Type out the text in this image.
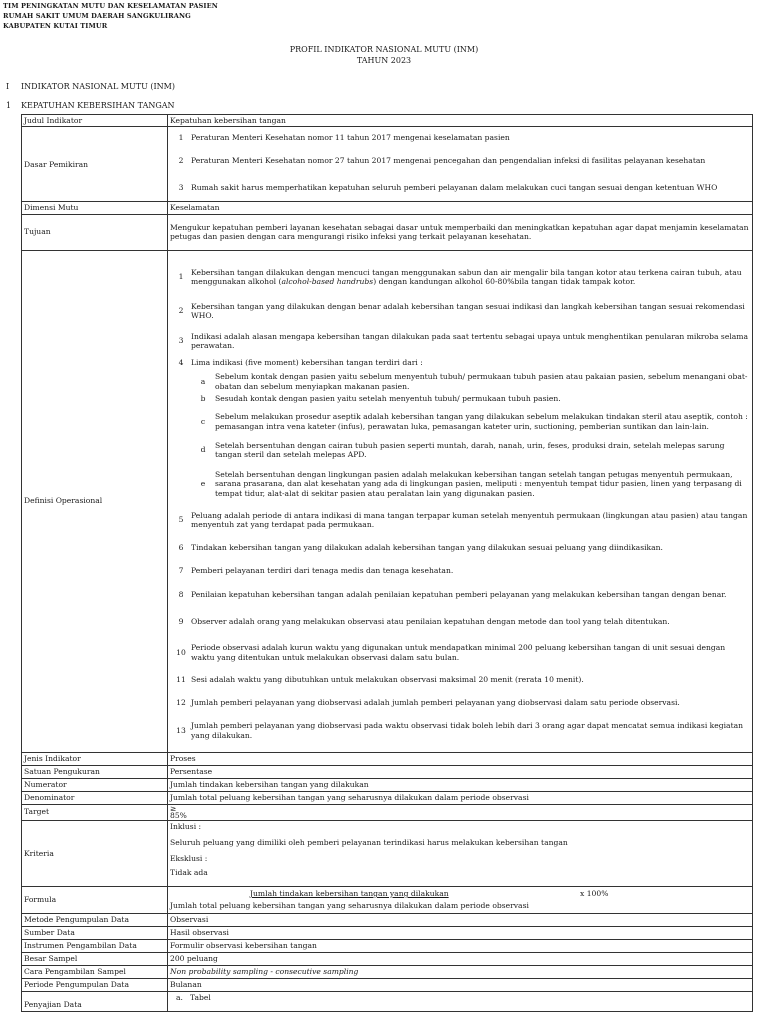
TIM PENINGKATAN MUTU DAN KESELAMATAN PASIEN
RUMAH SAKIT UMUM DAERAH SANGKULIRANG
KABUPATEN KUTAI TIMUR
PROFIL INDIKATOR NASIONAL MUTU (INM)
TAHUN 2023
I INDIKATOR NASIONAL MUTU (INM)
1 KEPATUHAN KEBERSIHAN TANGAN
Judul Indikator	Kepatuhan kebersihan tangan
Dasar Pemikiran	
1	Peraturan Menteri Kesehatan nomor 11 tahun 2017 mengenai keselamatan pasien
2	Peraturan Menteri Kesehatan nomor 27 tahun 2017 mengenai pencegahan dan pengendalian infeksi di fasilitas pelayanan kesehatan
3	Rumah sakit harus memperhatikan kepatuhan seluruh pemberi pelayanan dalam melakukan cuci tangan sesuai dengan ketentuan WHO

Dimensi Mutu	Keselamatan
Tujuan	Mengukur kepatuhan pemberi layanan kesehatan sebagai dasar untuk memperbaiki dan meningkatkan kepatuhan agar dapat menjamin keselamatan petugas dan pasien dengan cara mengurangi risiko infeksi yang terkait pelayanan kesehatan.
Definisi Operasional	
1	Kebersihan tangan dilakukan dengan mencuci tangan menggunakan sabun dan air mengalir bila tangan kotor atau terkena cairan tubuh, atau menggunakan alkohol (alcohol-based handrubs) dengan kandungan alkohol 60-80%bila tangan tidak tampak kotor.
2	Kebersihan tangan yang dilakukan dengan benar adalah kebersihan tangan sesuai indikasi dan langkah kebersihan tangan sesuai rekomendasi WHO.
3	Indikasi adalah alasan mengapa kebersihan tangan dilakukan pada saat tertentu sebagai upaya untuk menghentikan penularan mikroba selama perawatan.
4	Lima indikasi (five moment) kebersihan tangan terdiri dari :

a	Sebelum kontak dengan pasien yaitu sebelum menyentuh tubuh/ permukaan tubuh pasien atau pakaian pasien, sebelum menangani obat-obatan dan sebelum menyiapkan makanan pasien.
b	Sesudah kontak dengan pasien yaitu setelah menyentuh tubuh/ permukaan tubuh pasien.
c	Sebelum melakukan prosedur aseptik adalah kebersihan tangan yang dilakukan sebelum melakukan tindakan steril atau aseptik, contoh : pemasangan intra vena kateter (infus), perawatan luka, pemasangan kateter urin, suctioning, pemberian suntikan dan lain-lain.
d	Setelah bersentuhan dengan cairan tubuh pasien seperti muntah, darah, nanah, urin, feses, produksi drain, setelah melepas sarung tangan steril dan setelah melepas APD.
e	Setelah bersentuhan dengan lingkungan pasien adalah melakukan kebersihan tangan setelah tangan petugas menyentuh permukaan, sarana prasarana, dan alat kesehatan yang ada di lingkungan pasien, meliputi : menyentuh tempat tidur pasien, linen yang terpasang di tempat tidur, alat-alat di sekitar pasien atau peralatan lain yang digunakan pasien.

5	Peluang adalah periode di antara indikasi di mana tangan terpapar kuman setelah menyentuh permukaan (lingkungan atau pasien) atau tangan menyentuh zat yang terdapat pada permukaan.
6	Tindakan kebersihan tangan yang dilakukan adalah kebersihan tangan yang dilakukan sesuai peluang yang diindikasikan.
7	Pemberi pelayanan terdiri dari tenaga medis dan tenaga kesehatan.
8	Penilaian kepatuhan kebersihan tangan adalah penilaian kepatuhan pemberi pelayanan yang melakukan kebersihan tangan dengan benar.
9	Observer adalah orang yang melakukan observasi atau penilaian kepatuhan dengan metode dan tool yang telah ditentukan.
10	Periode observasi adalah kurun waktu yang digunakan untuk mendapatkan minimal 200 peluang kebersihan tangan di unit sesuai dengan waktu yang ditentukan untuk melakukan observasi dalam satu bulan.
11	Sesi adalah waktu yang dibutuhkan untuk melakukan observasi maksimal 20 menit (rerata 10 menit).
12	Jumlah pemberi pelayanan yang diobservasi adalah jumlah pemberi pelayanan yang diobservasi dalam satu periode observasi.
13	Jumlah pemberi pelayanan yang diobservasi pada waktu observasi tidak boleh lebih dari 3 orang agar dapat mencatat semua indikasi kegiatan yang dilakukan.

Jenis Indikator	Proses
Satuan Pengukuran	Persentase
Numerator	Jumlah tindakan kebersihan tangan yang dilakukan
Denominator	Jumlah total peluang kebersihan tangan yang seharusnya dilakukan dalam periode observasi
Target	≥
85%

Kriteria	
Inklusi :
Seluruh peluang yang dimiliki oleh pemberi pelayanan terindikasi harus melakukan kebersihan tangan
Eksklusi :
Tidak ada

Formula	
Jumlah tindakan kebersihan tangan yang dilakukan	x 100%
Jumlah total peluang kebersihan tangan yang seharusnya dilakukan dalam periode observasi

Metode Pengumpulan Data	Observasi
Sumber Data	Hasil observasi
Instrumen Pengambilan Data	Formulir observasi kebersihan tangan
Besar Sampel	200 peluang
Cara Pengambilan Sampel	Non probability sampling - consecutive sampling
Periode Pengumpulan Data	Bulanan
Penyajian Data	a. Tabel
